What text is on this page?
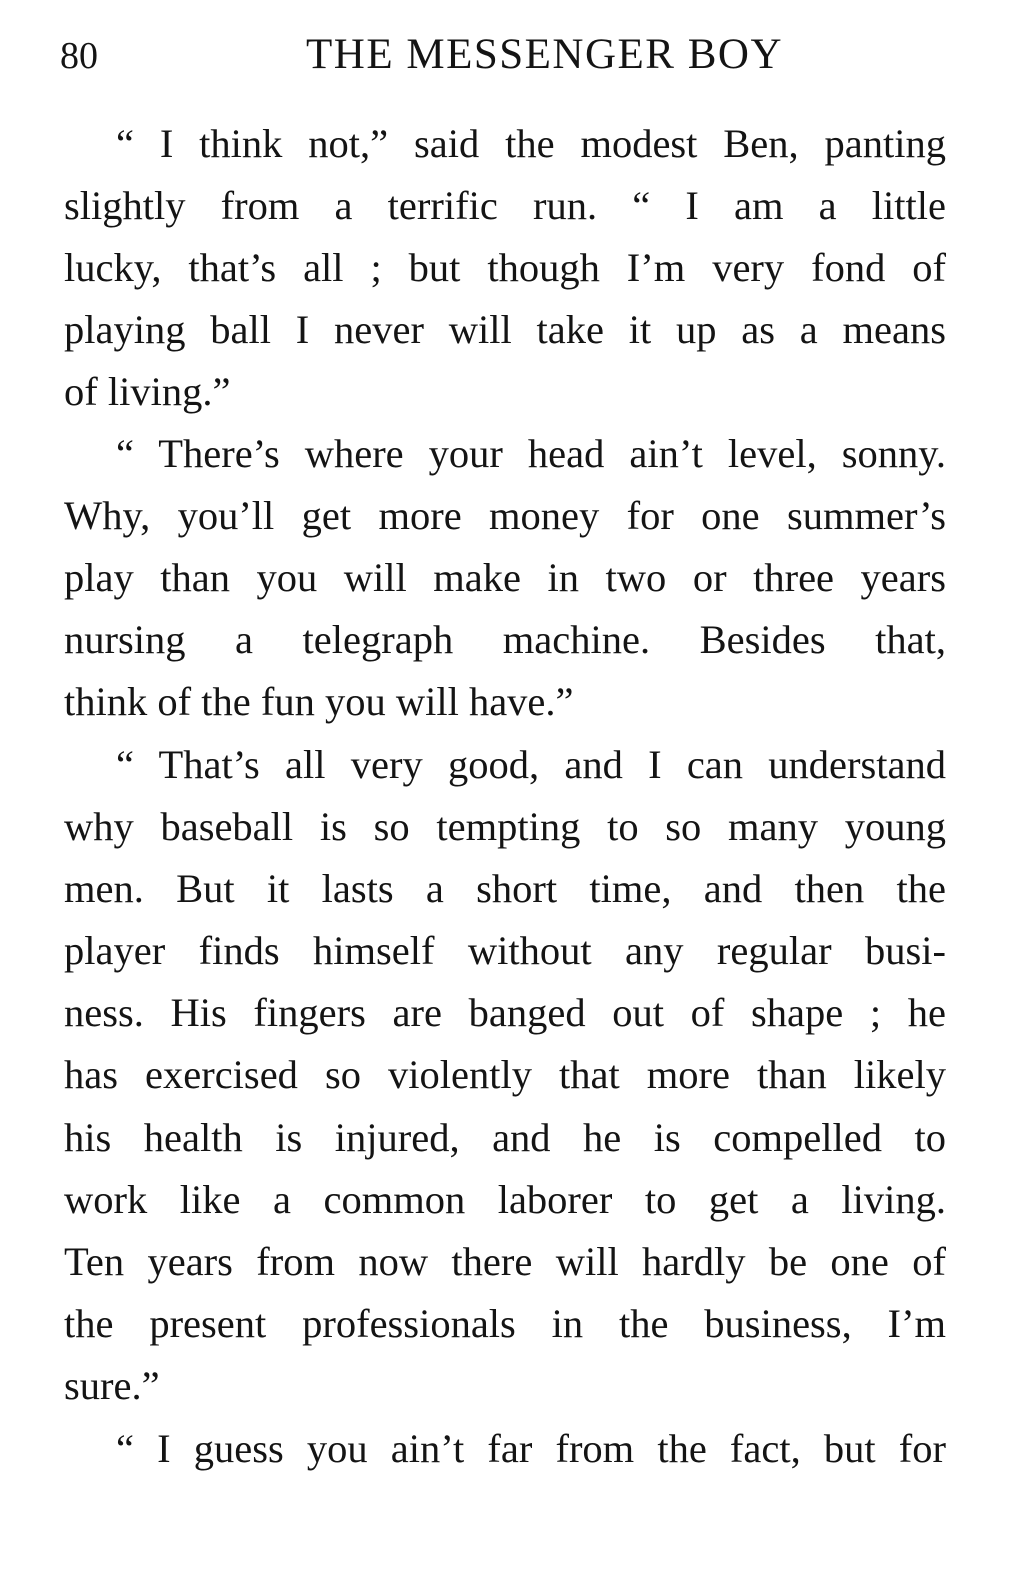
80	THE MESSENGER BOY
“ I think not,” said the modest Ben, panting
slightly from a terrific run. “ I am a little
lucky, that’s all ; but though I’m very fond of
playing ball I never will take it up as a means
of living.”
“ There’s where your head ain’t level, sonny.
Why, you’ll get more money for one summer’s
play than you will make in two or three years
nursing a telegraph machine. Besides that,
think of the fun you will have.”
“ That’s all very good, and I can understand
why baseball is so tempting to so many young
men. But it lasts a short time, and then the
player finds himself without any regular busi-
ness. His fingers are banged out of shape ; he
has exercised so violently that more than likely
his health is injured, and he is compelled to
work like a common laborer to get a living.
Ten years from now there will hardly be one of
the present professionals in the business, I’m
sure.”
“ I guess you ain’t far from the fact, but for
